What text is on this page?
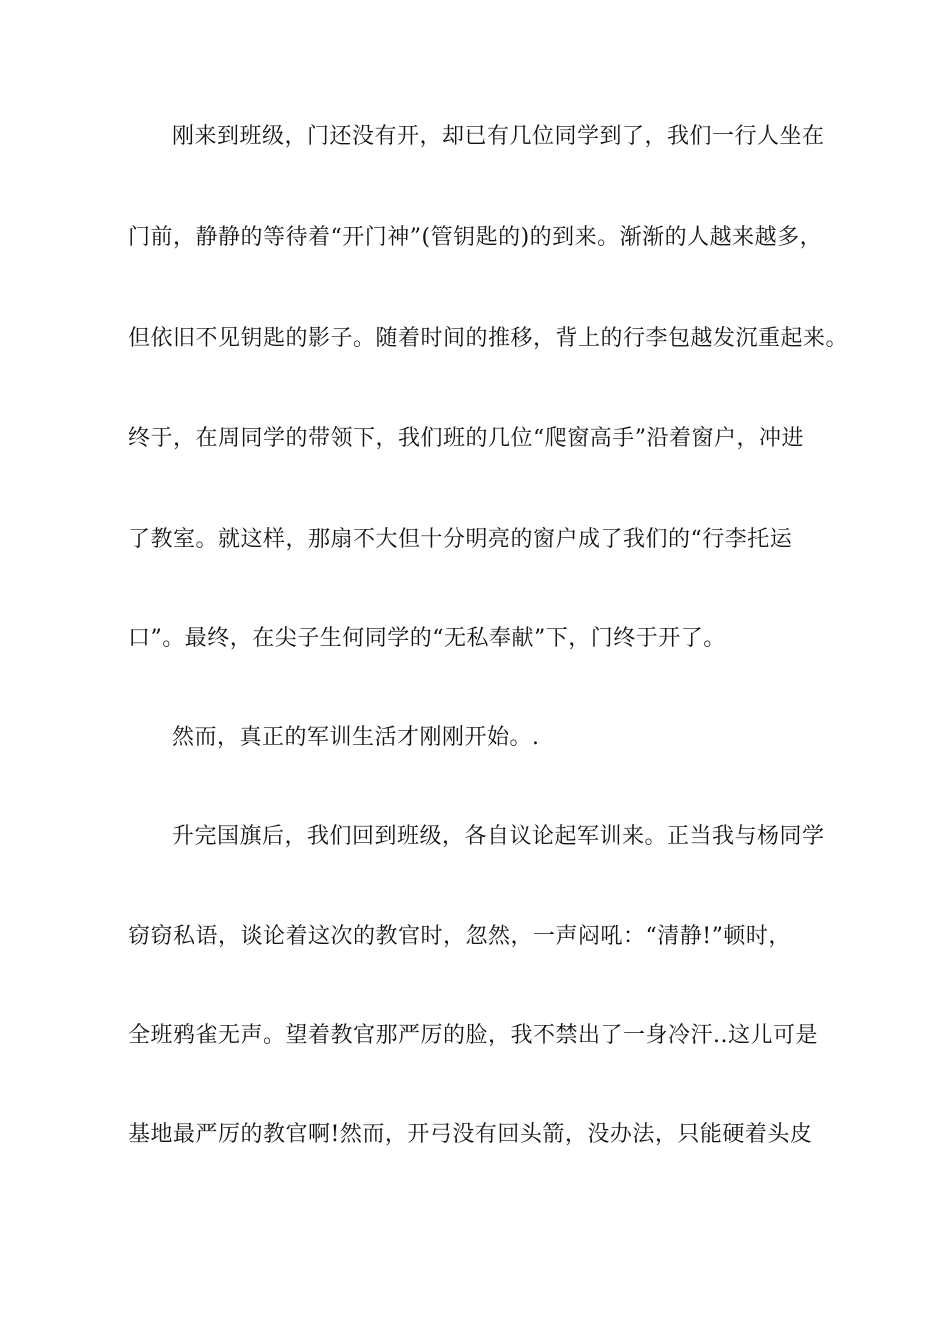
刚来到班级，门还没有开，却已有几位同学到了，我们一行人坐在
门前，静静的等待着“开门神”(管钥匙的)的到来。渐渐的人越来越多，
但依旧不见钥匙的影子。随着时间的推移，背上的行李包越发沉重起来。
终于，在周同学的带领下，我们班的几位“爬窗高手”沿着窗户，冲进
了教室。就这样，那扇不大但十分明亮的窗户成了我们的“行李托运
口”。最终，在尖子生何同学的“无私奉献”下，门终于开了。
然而，真正的军训生活才刚刚开始。.
升完国旗后，我们回到班级，各自议论起军训来。正当我与杨同学
窃窃私语，谈论着这次的教官时，忽然，一声闷吼：“清静!”顿时，
全班鸦雀无声。望着教官那严厉的脸，我不禁出了一身冷汗..这儿可是
基地最严厉的教官啊!然而，开弓没有回头箭，没办法，只能硬着头皮
